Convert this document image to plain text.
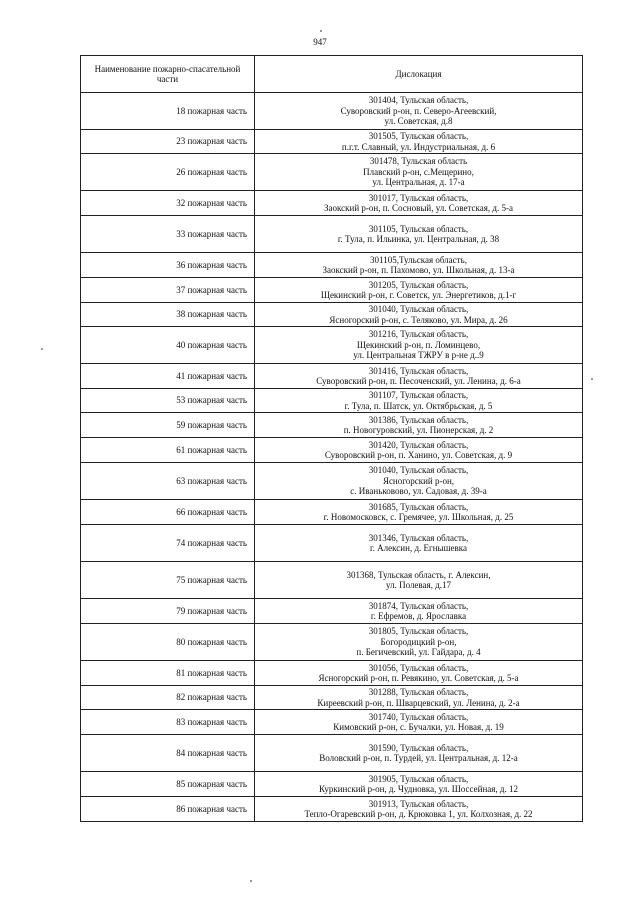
947
Наименование пожарно-спасательной части	Дислокация
18 пожарная часть	301404, Тульская область,
Суворовский р-он, п. Северо-Агеевский,
ул. Советская, д.8

23 пожарная часть	301505, Тульская область,
п.г.т. Славный, ул. Индустриальная, д. 6

26 пожарная часть	301478, Тульская область
Плавский р-он, с.Мещерино,
ул. Центральная, д. 17-а

32 пожарная часть	301017, Тульская область,
Заокский р-он, п. Сосновый, ул. Советская, д. 5-а

33 пожарная часть	301105, Тульская область,
г. Тула, п. Ильинка, ул. Центральная, д. 38

36 пожарная часть	301105,Тульская область,
Заокский р-он, п. Пахомово, ул. Школьная, д. 13-а

37 пожарная часть	301205, Тульская область,
Щекинский р-он, г. Советск, ул. Энергетиков, д.1-г

38 пожарная часть	301040, Тульская область,
Ясногорский р-он, с. Теляково, ул. Мира, д. 26

40 пожарная часть	301216, Тульская область,
Щекинский р-он, п. Ломинцево,
ул. Центральная ТЖРУ в р-не д..9

41 пожарная часть	301416, Тульская область,
Суворовский р-он, п. Песоченский, ул. Ленина, д. 6-а

53 пожарная часть	301107, Тульская область,
г. Тула, п. Шатск, ул. Октябрьская, д. 5

59 пожарная часть	301386, Тульская область,
п. Новогуровский, ул. Пионерская, д. 2

61 пожарная часть	301420, Тульская область,
Суворовский р-он, п. Ханино, ул. Советская, д. 9

63 пожарная часть	301040, Тульская область,
Ясногорский р-он,
с. Иванькововo, ул. Садовая, д. 39-а

66 пожарная часть	301685, Тульская область,
г. Новомосковск, с. Гремячее, ул. Школьная, д. 25

74 пожарная часть	301346, Тульская область,
г. Алексин, д. Егнышевка

75 пожарная часть	301368, Тульская область, г. Алексин,
ул. Полевая, д.17

79 пожарная часть	301874, Тульская область,
г. Ефремов, д. Ярославка

80 пожарная часть	301805, Тульская область,
Богородицкий р-он,
п. Бегичевский, ул. Гайдара, д. 4

81 пожарная часть	301056, Тульская область,
Ясногорский р-он, п. Ревякино, ул. Советская, д. 5-а

82 пожарная часть	301288, Тульская область,
Киреевский р-он, п. Шварцевский, ул. Ленина, д. 2-а

83 пожарная часть	301740, Тульская область,
Кимовский р-он, с. Бучалки, ул. Новая, д. 19

84 пожарная часть	301590, Тульская область,
Воловский р-он, п. Турдей, ул. Центральная, д. 12-а

85 пожарная часть	301905, Тульская область,
Куркинский р-он, д. Чудновка, ул. Шоссейная, д. 12

86 пожарная часть	301913, Тульская область,
Тепло-Огаревский р-он, д. Крюковка 1, ул. Колхозная, д. 22
